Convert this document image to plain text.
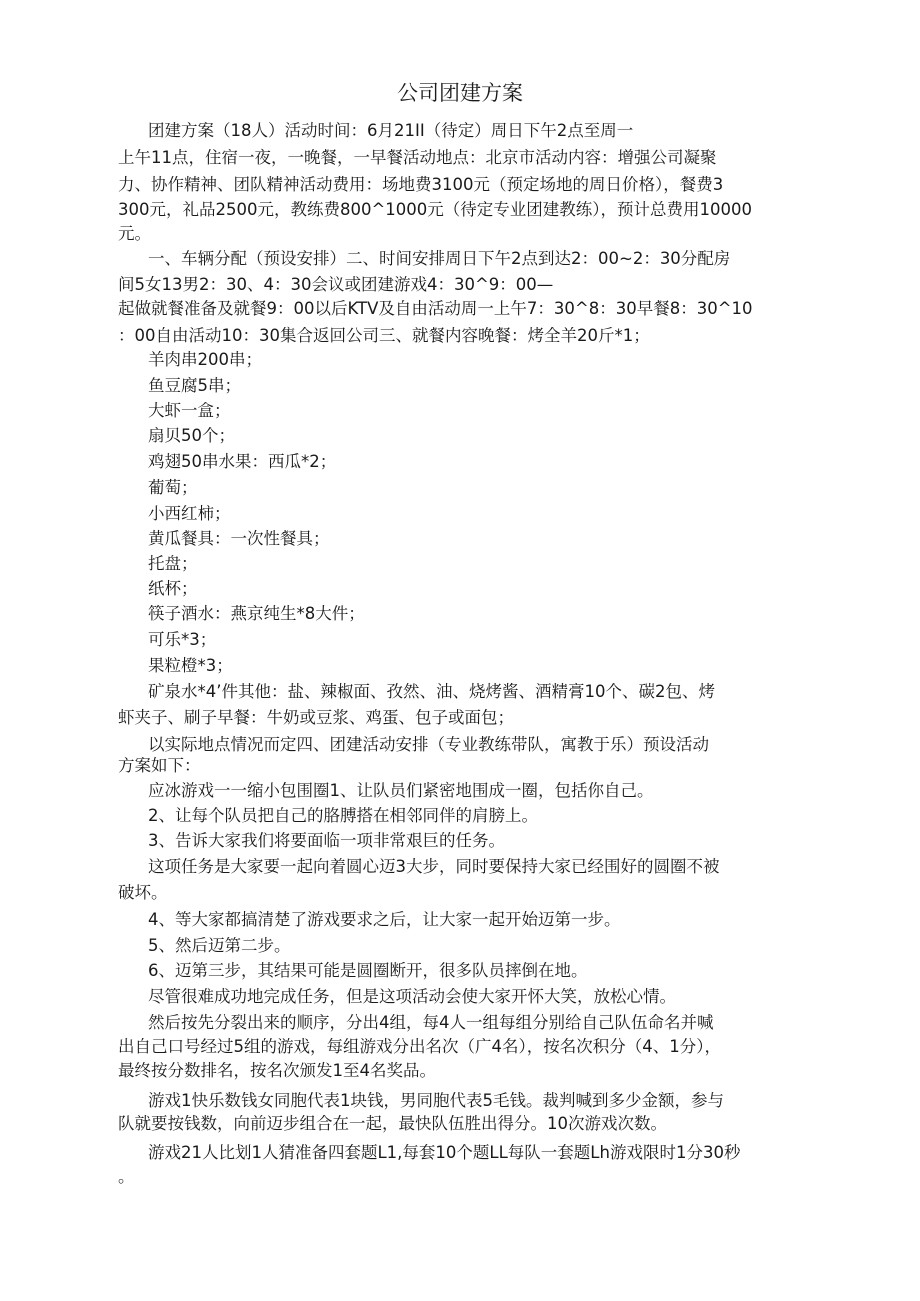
公司团建方案

团建方案（18人）活动时间：6月21II（待定）周日下午2点至周一

上午11点，住宿一夜，一晚餐，一早餐活动地点：北京市活动内容：增强公司凝聚

力、协作精神、团队精神活动费用：场地费3100元（预定场地的周日价格），餐费3

300元，礼品2500元，教练费800^1000元（待定专业团建教练），预计总费用10000

元。

一、车辆分配（预设安排）二、时间安排周日下午2点到达2：00~2：30分配房

间5女13男2：30、4：30会议或团建游戏4：30^9：00—

起做就餐准备及就餐9：00以后KTV及自由活动周一上午7：30^8：30早餐8：30^10

：00自由活动10：30集合返回公司三、就餐内容晚餐：烤全羊20斤*1；

羊肉串200串；

鱼豆腐5串；

大虾一盒；

扇贝50个；

鸡翅50串水果：西瓜*2；

葡萄；

小西红柿；

黄瓜餐具：一次性餐具；

托盘；

纸杯；

筷子酒水：燕京纯生*8大件；

可乐*3；

果粒橙*3；

矿泉水*4’件其他：盐、辣椒面、孜然、油、烧烤酱、酒精膏10个、碳2包、烤

虾夹子、刷子早餐：牛奶或豆浆、鸡蛋、包子或面包；

以实际地点情况而定四、团建活动安排（专业教练带队，寓教于乐）预设活动

方案如下：

应冰游戏一一缩小包围圈1、让队员们紧密地围成一圈，包括你自己。

2、让每个队员把自己的胳膊搭在相邻同伴的肩膀上。

3、告诉大家我们将要面临一项非常艰巨的任务。

这项任务是大家要一起向着圆心迈3大步，同时要保持大家已经围好的圆圈不被

破坏。

4、等大家都搞清楚了游戏要求之后，让大家一起开始迈第一步。

5、然后迈第二步。

6、迈第三步，其结果可能是圆圈断开，很多队员摔倒在地。

尽管很难成功地完成任务，但是这项活动会使大家开怀大笑，放松心情。

然后按先分裂出来的顺序，分出4组，每4人一组每组分别给自己队伍命名并喊

出自己口号经过5组的游戏，每组游戏分出名次（广4名），按名次积分（4、1分），

最终按分数排名，按名次颁发1至4名奖品。

游戏1快乐数钱女同胞代表1块钱，男同胞代表5毛钱。裁判喊到多少金额，参与

队就要按钱数，向前迈步组合在一起，最快队伍胜出得分。10次游戏次数。

游戏21人比划1人猜准备四套题L1,每套10个题LL每队一套题Lh游戏限时1分30秒

。
